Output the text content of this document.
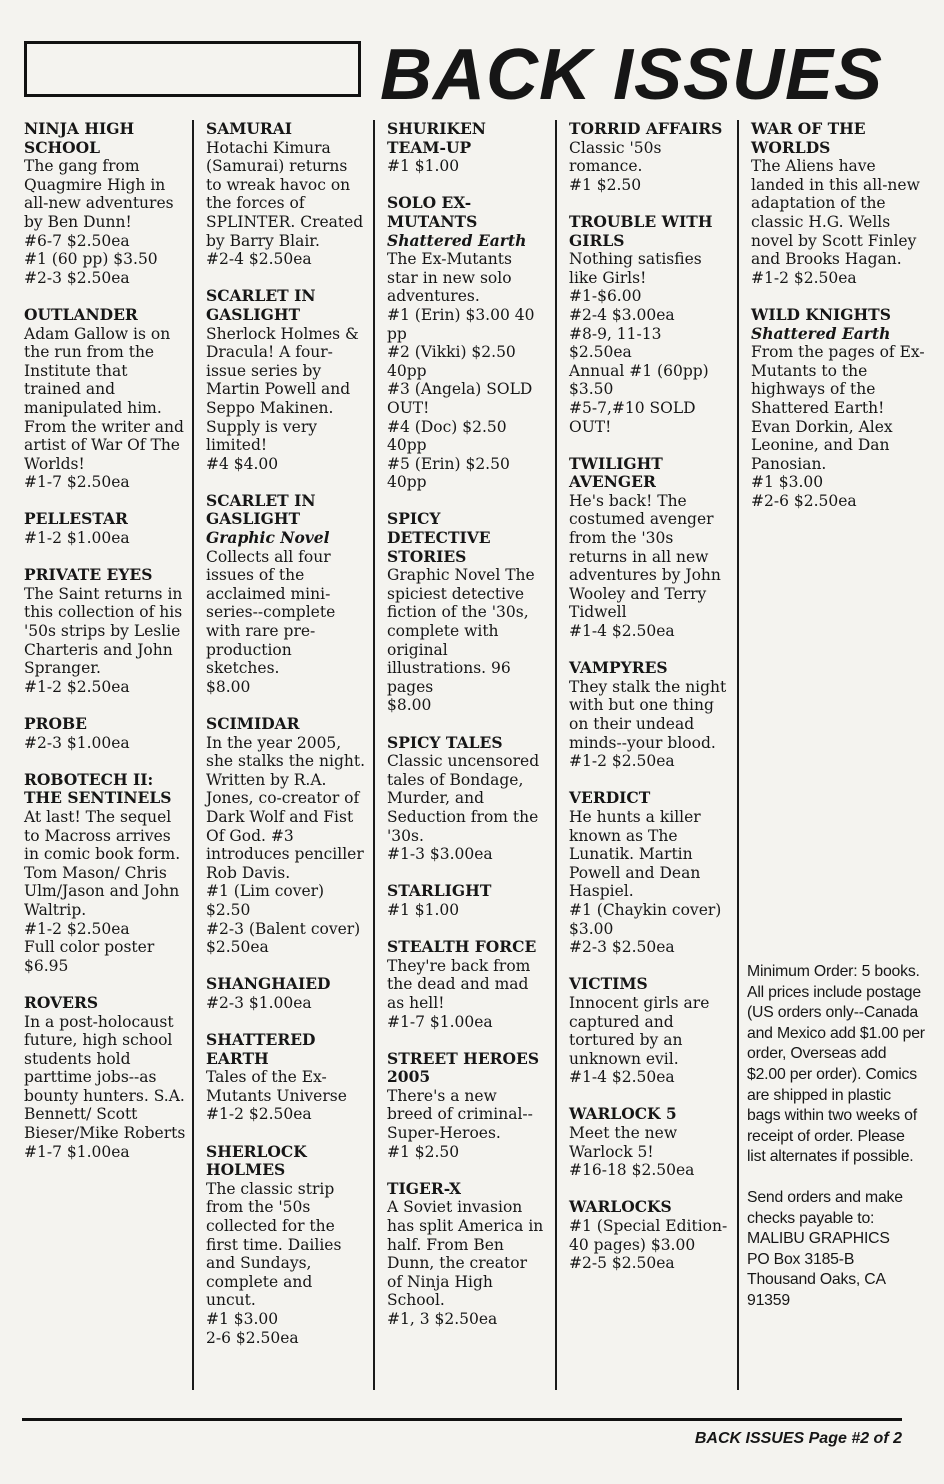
BACK ISSUES
NINJA HIGH SCHOOL
The gang from Quagmire High in all-new adventures by Ben Dunn!
#6-7 $2.50ea
#1 (60 pp) $3.50
#2-3 $2.50ea
OUTLANDER
Adam Gallow is on the run from the Institute that trained and manipulated him. From the writer and artist of War Of The Worlds!
#1-7 $2.50ea
PELLESTAR
#1-2 $1.00ea
PRIVATE EYES
The Saint returns in this collection of his '50s strips by Leslie Charteris and John Spranger.
#1-2 $2.50ea
PROBE
#2-3 $1.00ea
ROBOTECH II: THE SENTINELS
At last! The sequel to Macross arrives in comic book form. Tom Mason/ Chris Ulm/Jason and John Waltrip.
#1-2 $2.50ea
Full color poster $6.95
ROVERS
In a post-holocaust future, high school students hold parttime jobs--as bounty hunters. S.A. Bennett/ Scott Bieser/Mike Roberts
#1-7 $1.00ea
SAMURAI
Hotachi Kimura (Samurai) returns to wreak havoc on the forces of SPLINTER. Created by Barry Blair.
#2-4 $2.50ea
SCARLET IN GASLIGHT
Sherlock Holmes & Dracula! A four-issue series by Martin Powell and Seppo Makinen. Supply is very limited!
#4 $4.00
SCARLET IN GASLIGHT
Graphic Novel
Collects all four issues of the acclaimed mini-series--complete with rare pre-production sketches.
$8.00
SCIMIDAR
In the year 2005, she stalks the night. Written by R.A. Jones, co-creator of Dark Wolf and Fist Of God. #3 introduces penciller Rob Davis.
#1 (Lim cover) $2.50
#2-3 (Balent cover) $2.50ea
SHANGHAIED
#2-3 $1.00ea
SHATTERED EARTH
Tales of the Ex-Mutants Universe
#1-2 $2.50ea
SHERLOCK HOLMES
The classic strip from the '50s collected for the first time. Dailies and Sundays, complete and uncut.
#1 $3.00
2-6 $2.50ea
SHURIKEN TEAM-UP
#1 $1.00
SOLO EX-MUTANTS
Shattered Earth
The Ex-Mutants star in new solo adventures.
#1 (Erin) $3.00 40 pp
#2 (Vikki) $2.50 40pp
#3 (Angela) SOLD OUT!
#4 (Doc) $2.50 40pp
#5 (Erin) $2.50 40pp
SPICY DETECTIVE STORIES
Graphic Novel The spiciest detective fiction of the '30s, complete with original illustrations. 96 pages
$8.00
SPICY TALES
Classic uncensored tales of Bondage, Murder, and Seduction from the '30s.
#1-3 $3.00ea
STARLIGHT
#1 $1.00
STEALTH FORCE
They're back from the dead and mad as hell!
#1-7 $1.00ea
STREET HEROES 2005
There's a new breed of criminal--Super-Heroes.
#1 $2.50
TIGER-X
A Soviet invasion has split America in half. From Ben Dunn, the creator of Ninja High School.
#1, 3 $2.50ea
TORRID AFFAIRS
Classic '50s romance.
#1 $2.50
TROUBLE WITH GIRLS
Nothing satisfies like Girls!
#1-$6.00
#2-4 $3.00ea
#8-9, 11-13 $2.50ea
Annual #1 (60pp) $3.50
#5-7,#10 SOLD OUT!
TWILIGHT AVENGER
He's back! The costumed avenger from the '30s returns in all new adventures by John Wooley and Terry Tidwell
#1-4 $2.50ea
VAMPYRES
They stalk the night with but one thing on their undead minds--your blood.
#1-2 $2.50ea
VERDICT
He hunts a killer known as The Lunatik. Martin Powell and Dean Haspiel.
#1 (Chaykin cover) $3.00
#2-3 $2.50ea
VICTIMS
Innocent girls are captured and tortured by an unknown evil.
#1-4 $2.50ea
WARLOCK 5
Meet the new Warlock 5!
#16-18 $2.50ea
WARLOCKS
#1 (Special Edition-40 pages) $3.00
#2-5 $2.50ea
WAR OF THE WORLDS
The Aliens have landed in this all-new adaptation of the classic H.G. Wells novel by Scott Finley and Brooks Hagan.
#1-2 $2.50ea
WILD KNIGHTS
Shattered Earth
From the pages of Ex-Mutants to the highways of the Shattered Earth! Evan Dorkin, Alex Leonine, and Dan Panosian.
#1 $3.00
#2-6 $2.50ea
Minimum Order: 5 books. All prices include postage (US orders only--Canada and Mexico add $1.00 per order, Overseas add $2.00 per order). Comics are shipped in plastic bags within two weeks of receipt of order. Please list alternates if possible.
Send orders and make checks payable to:
MALIBU GRAPHICS
PO Box 3185-B
Thousand Oaks, CA 91359
BACK ISSUES Page #2 of 2
